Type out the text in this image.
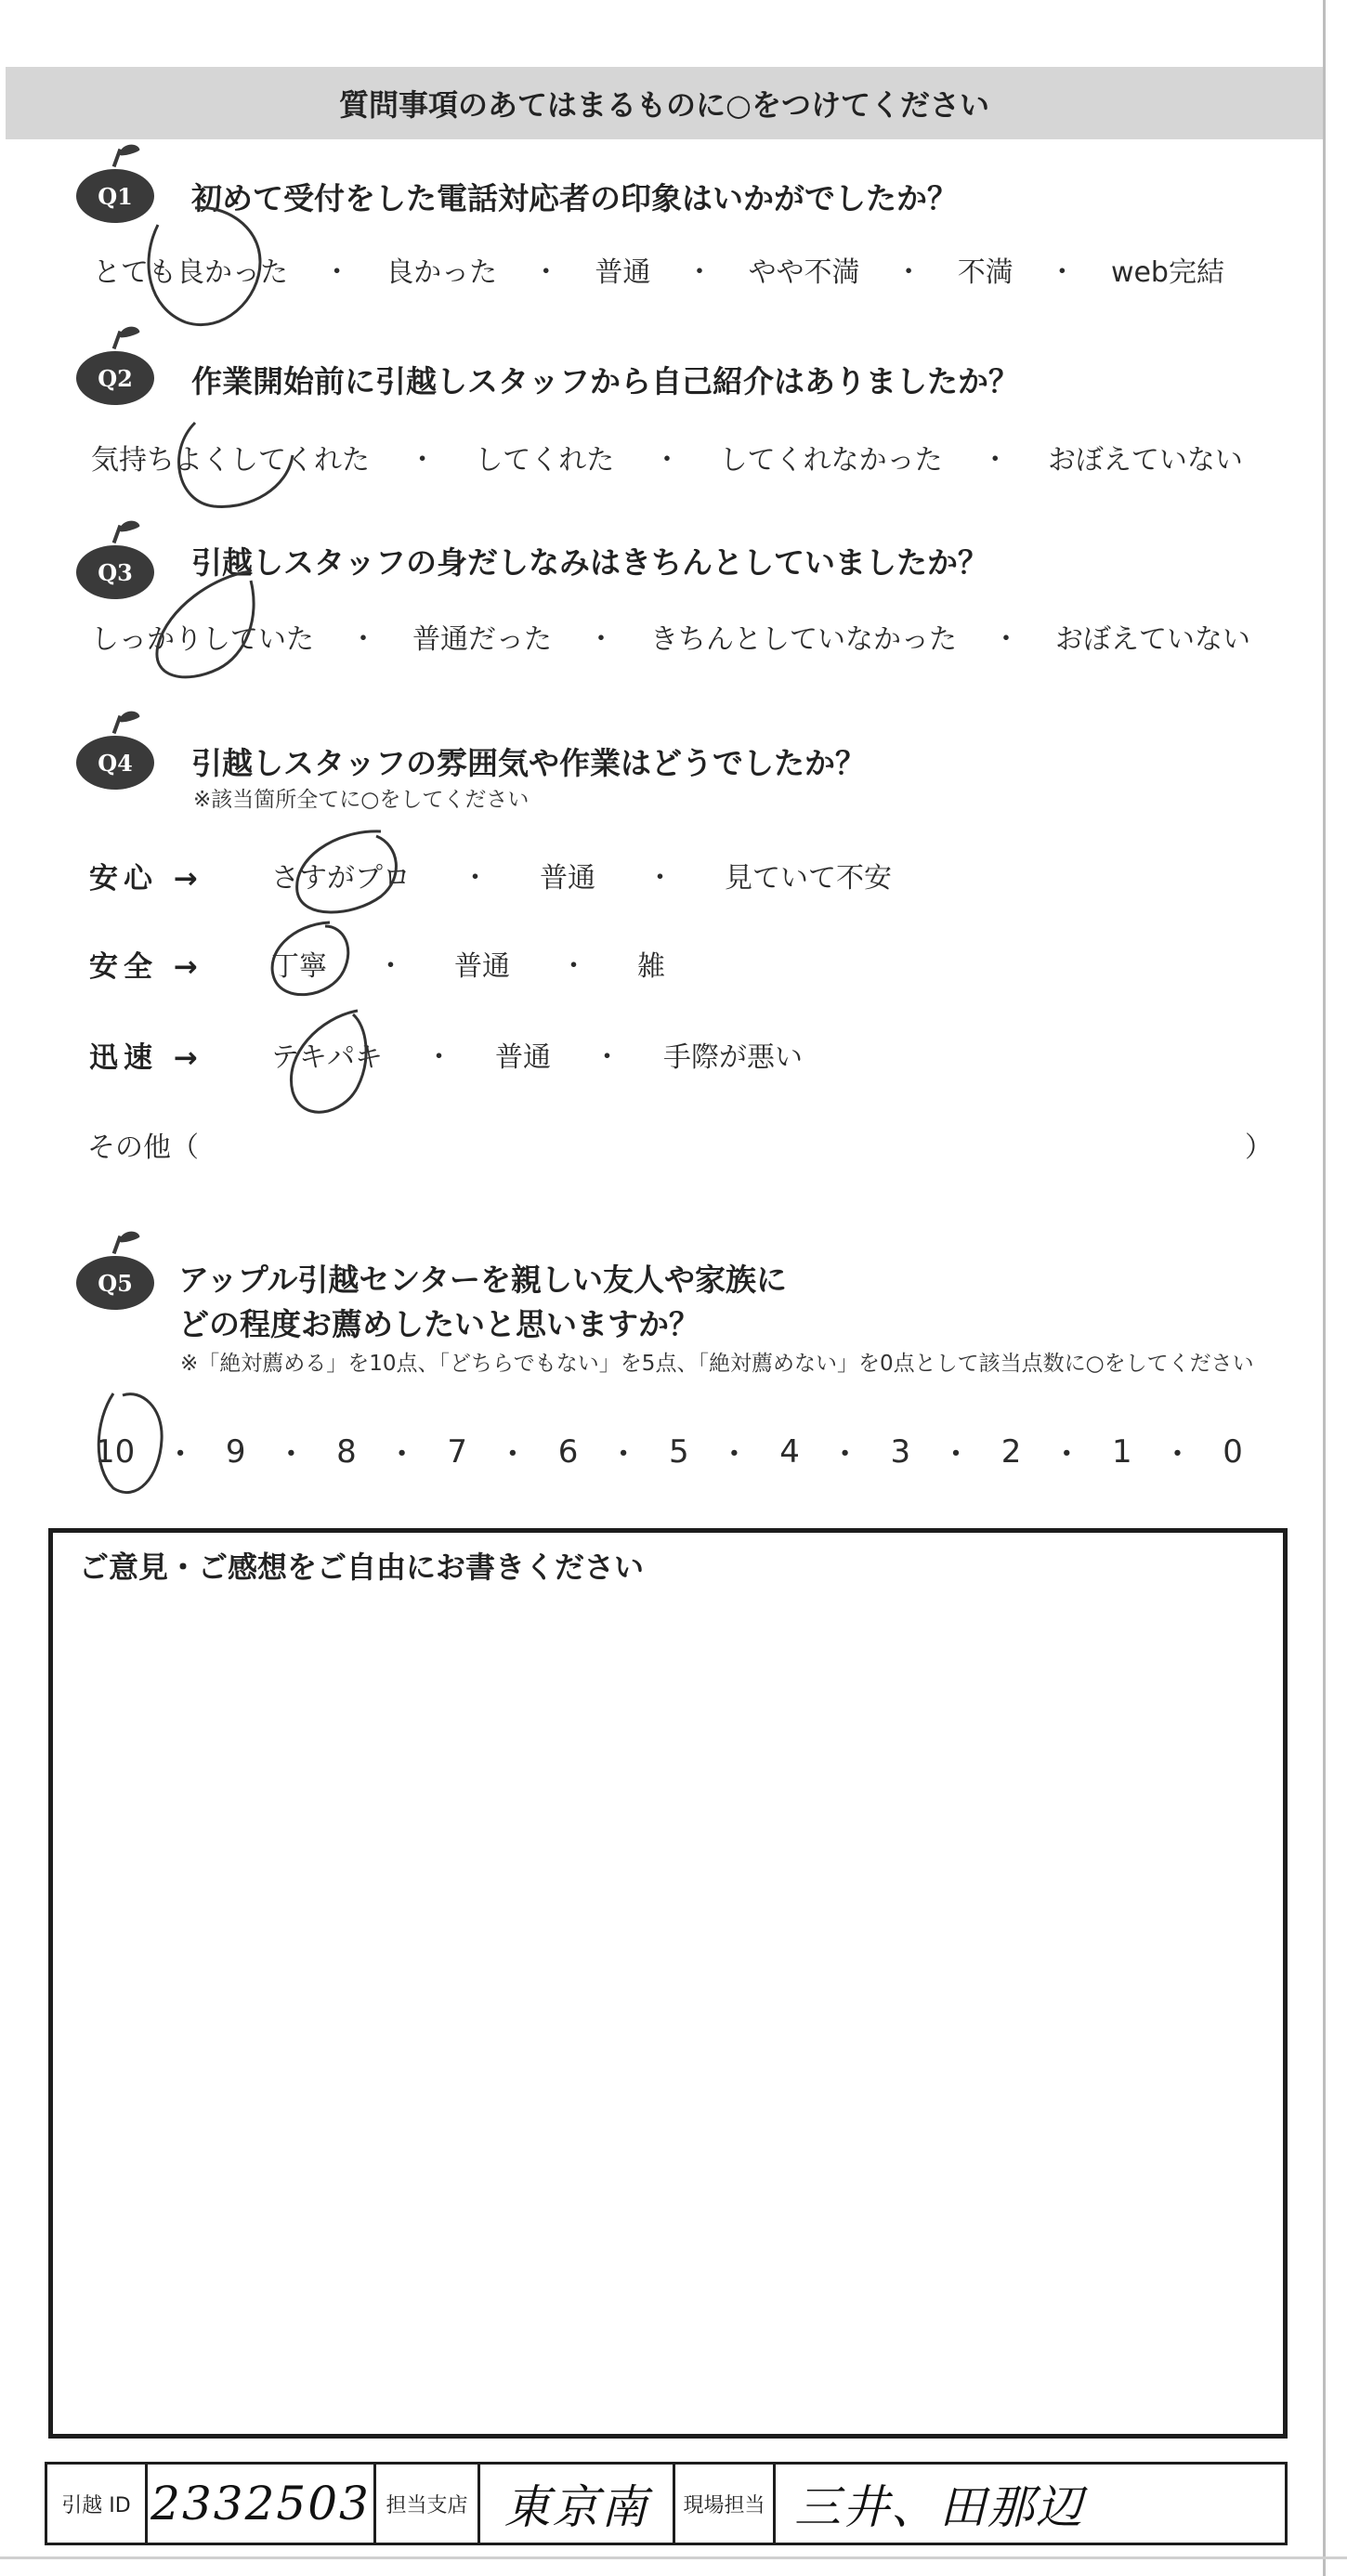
質問事項のあてはまるものに○をつけてください
Q1	初めて受付をした電話対応者の印象はいかがでしたか？
とても良かった ・ 良かった ・ 普通 ・ やや不満 ・ 不満 ・ web完結
Q2	作業開始前に引越しスタッフから自己紹介はありましたか？
気持ちよくしてくれた ・ してくれた ・ してくれなかった ・ おぼえていない
Q3	引越しスタッフの身だしなみはきちんとしていましたか？
しっかりしていた ・ 普通だった ・ きちんとしていなかった ・ おぼえていない
Q4	引越しスタッフの雰囲気や作業はどうでしたか？
※該当箇所全てに○をしてください
安心 → さすがプロ ・ 普通 ・ 見ていて不安
安全 → 丁寧 ・ 普通 ・ 雑
迅速 → テキパキ ・ 普通 ・ 手際が悪い
その他（	）
Q5	アップル引越センターを親しい友人や家族に
どの程度お薦めしたいと思いますか？
※「絶対薦める」を10点、「どちらでもない」を5点、「絶対薦めない」を0点として該当点数に○をしてください
10 ・ 9 ・ 8 ・ 7 ・ 6 ・ 5 ・ 4 ・ 3 ・ 2 ・ 1 ・ 0
ご意見・ご感想をご自由にお書きください
引越 ID 2332503 担当支店 東京南 現場担当 三井、田那辺
